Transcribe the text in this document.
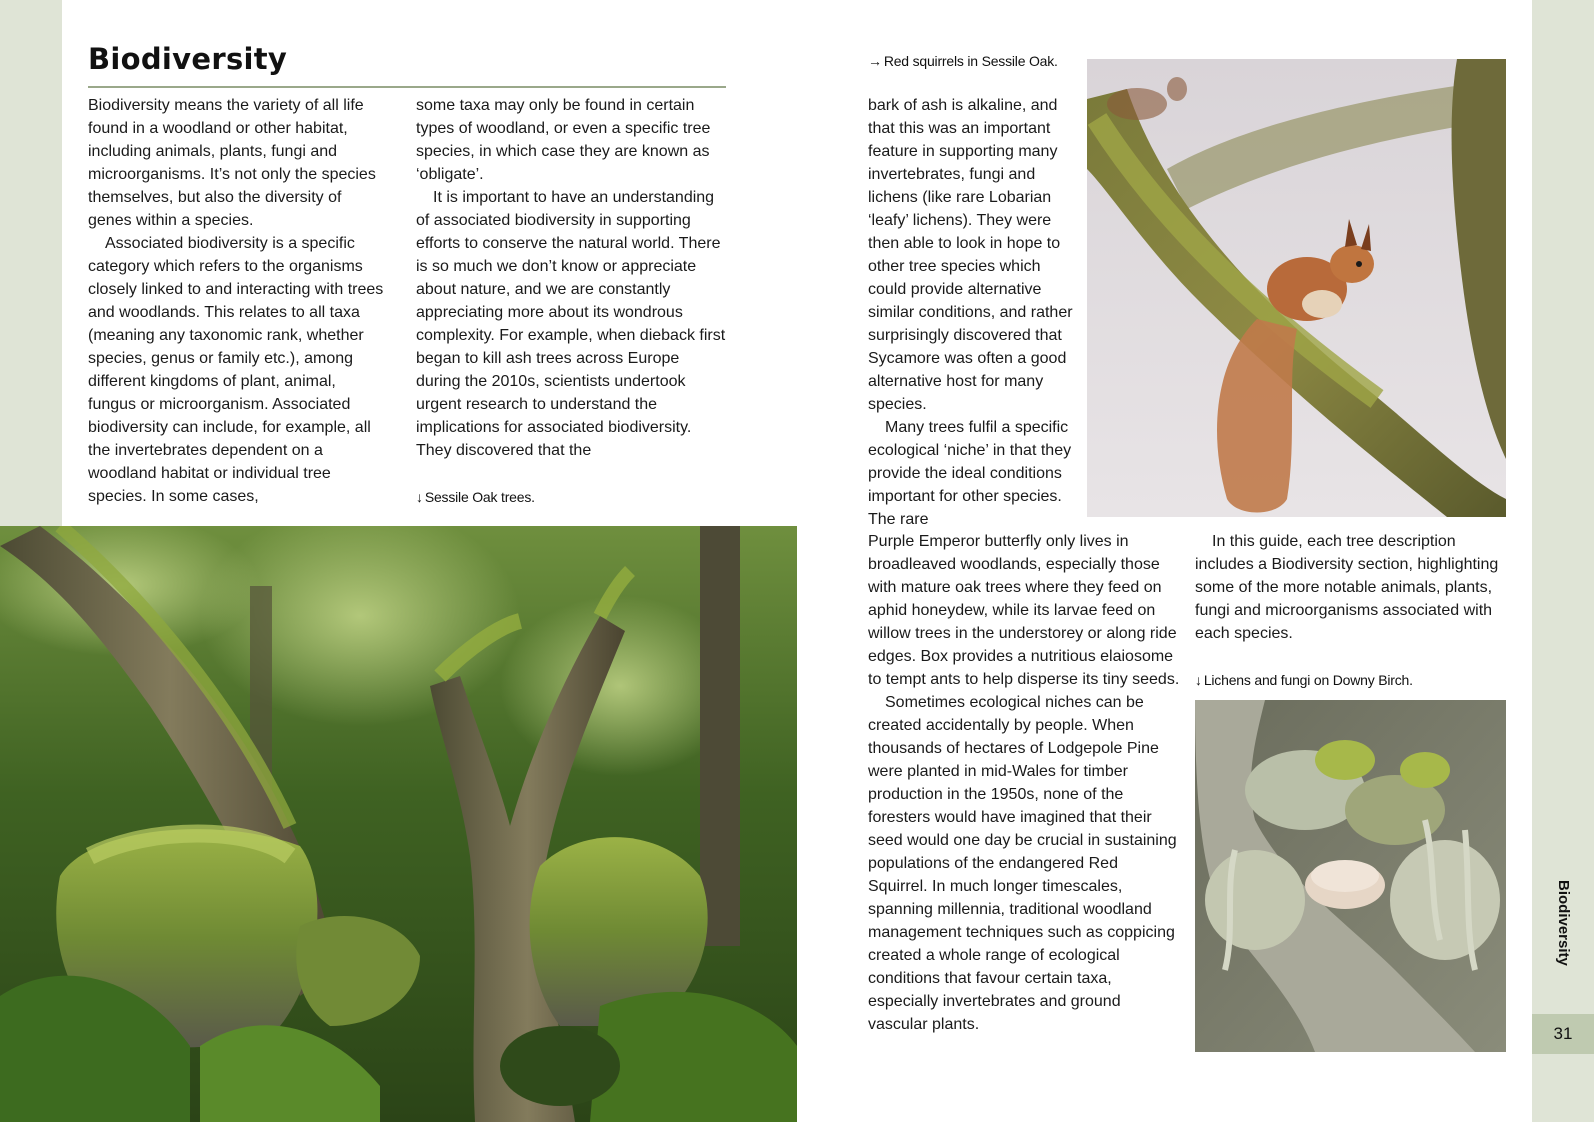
Biodiversity

Biodiversity means the variety of all life found in a woodland or other habitat, including animals, plants, fungi and microorganisms. It’s not only the species themselves, but also the diversity of genes within a species.

Associated biodiversity is a specific category which refers to the organisms closely linked to and interacting with trees and woodlands. This relates to all taxa (meaning any taxonomic rank, whether species, genus or family etc.), among different kingdoms of plant, animal, fungus or microorganism. Associated biodiversity can include, for example, all the invertebrates dependent on a woodland habitat or individual tree species. In some cases,

some taxa may only be found in certain types of woodland, or even a specific tree species, in which case they are known as ‘obligate’.

It is important to have an understanding of associated biodiversity in supporting efforts to conserve the natural world. There is so much we don’t know or appreciate about nature, and we are constantly appreciating more about its wondrous complexity. For example, when dieback first began to kill ash trees across Europe during the 2010s, scientists undertook urgent research to understand the implications for associated biodiversity. They discovered that the

↓ Sessile Oak trees.
→ Red squirrels in Sessile Oak.

bark of ash is alkaline, and that this was an important feature in supporting many invertebrates, fungi and lichens (like rare Lobarian ‘leafy’ lichens). They were then able to look in hope to other tree species which could provide alternative similar conditions, and rather surprisingly discovered that Sycamore was often a good alternative host for many species.

Many trees fulfil a specific ecological ‘niche’ in that they provide the ideal conditions important for other species. The rare

Purple Emperor butterfly only lives in broadleaved woodlands, especially those with mature oak trees where they feed on aphid honeydew, while its larvae feed on willow trees in the understorey or along ride edges. Box provides a nutritious elaiosome to tempt ants to help disperse its tiny seeds.

Sometimes ecological niches can be created accidentally by people. When thousands of hectares of Lodgepole Pine were planted in mid-Wales for timber production in the 1950s, none of the foresters would have imagined that their seed would one day be crucial in sustaining populations of the endangered Red Squirrel. In much longer timescales, spanning millennia, traditional woodland management techniques such as coppicing created a whole range of ecological conditions that favour certain taxa, especially invertebrates and ground vascular plants.

In this guide, each tree description includes a Biodiversity section, highlighting some of the more notable animals, plants, fungi and microorganisms associated with each species.

↓ Lichens and fungi on Downy Birch.
Biodiversity
31
